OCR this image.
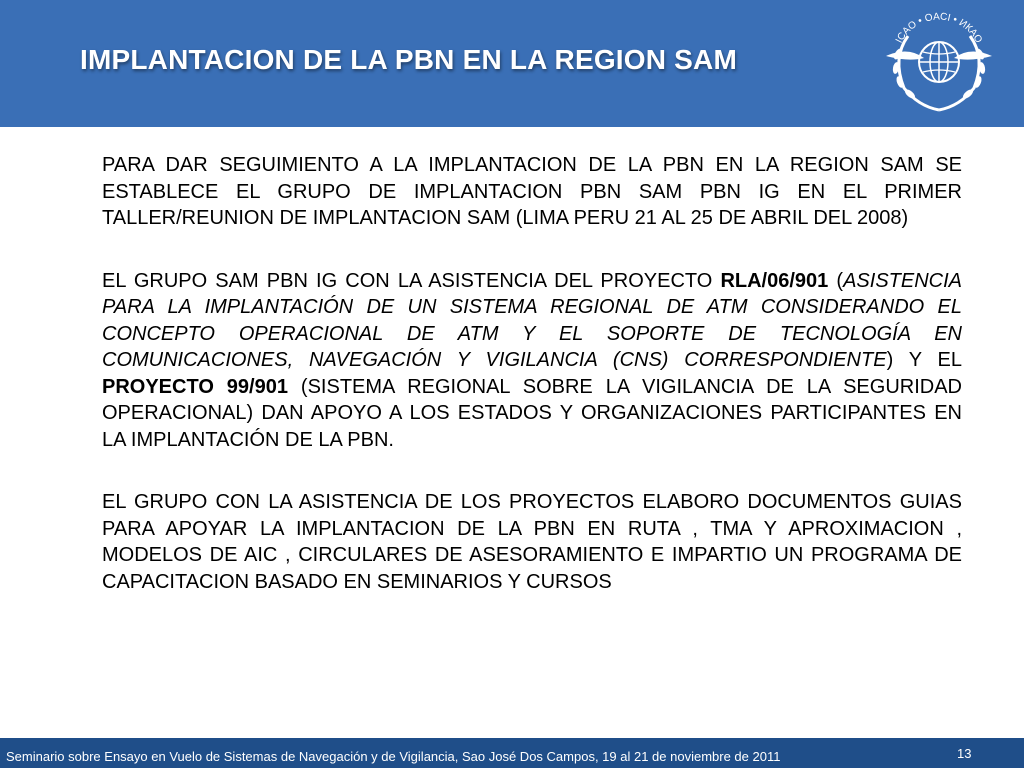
IMPLANTACION DE LA PBN EN LA REGION SAM
ICAO • OACI • ИКАО

PARA DAR SEGUIMIENTO A LA IMPLANTACION DE LA PBN EN LA REGION SAM SE ESTABLECE EL GRUPO DE IMPLANTACION PBN SAM PBN IG EN EL PRIMER TALLER/REUNION DE IMPLANTACION SAM (LIMA PERU 21 AL 25 DE ABRIL DEL 2008)

EL GRUPO SAM PBN IG CON LA ASISTENCIA DEL PROYECTO RLA/06/901 (ASISTENCIA PARA LA IMPLANTACIÓN DE UN SISTEMA REGIONAL DE ATM CONSIDERANDO EL CONCEPTO OPERACIONAL DE ATM Y EL SOPORTE DE TECNOLOGÍA EN COMUNICACIONES, NAVEGACIÓN Y VIGILANCIA (CNS) CORRESPONDIENTE) Y EL PROYECTO 99/901 (SISTEMA REGIONAL SOBRE LA VIGILANCIA DE LA SEGURIDAD OPERACIONAL) DAN APOYO A LOS ESTADOS Y ORGANIZACIONES PARTICIPANTES EN LA IMPLANTACIÓN DE LA PBN.

EL GRUPO CON LA ASISTENCIA DE LOS PROYECTOS ELABORO DOCUMENTOS GUIAS PARA APOYAR LA IMPLANTACION DE LA PBN EN RUTA , TMA Y APROXIMACION , MODELOS DE AIC , CIRCULARES DE ASESORAMIENTO E IMPARTIO UN PROGRAMA DE CAPACITACION BASADO EN SEMINARIOS Y CURSOS

Seminario sobre Ensayo en Vuelo de Sistemas de Navegación y de Vigilancia, Sao José Dos Campos, 19 al 21 de noviembre de 2011	13
